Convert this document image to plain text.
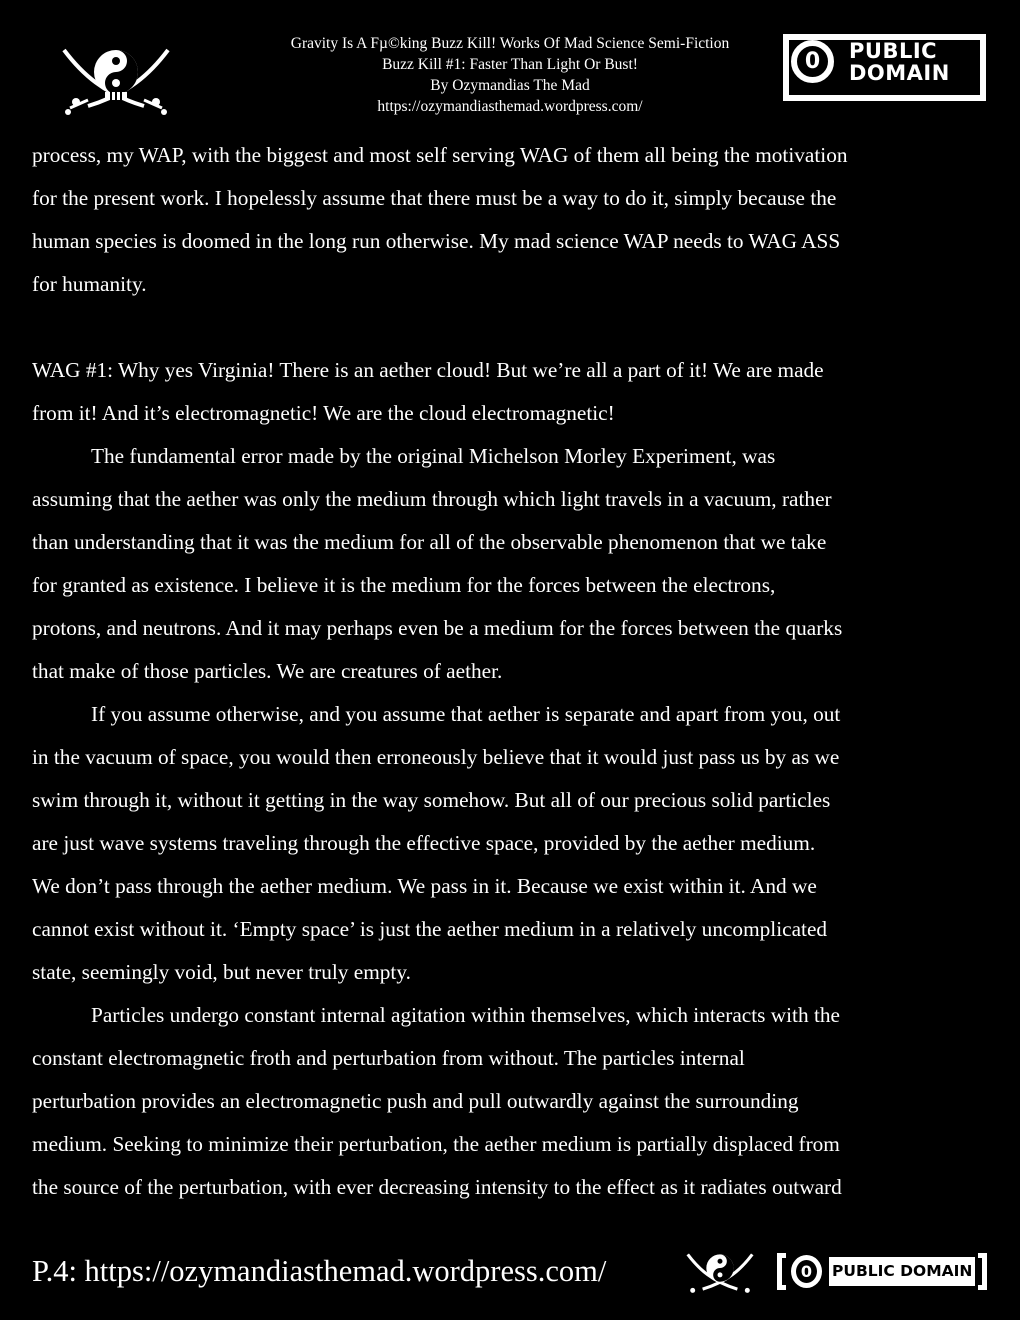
Gravity Is A Fµ©king Buzz Kill! Works Of Mad Science Semi-Fiction
Buzz Kill #1: Faster Than Light Or Bust!
By Ozymandias The Mad
https://ozymandiasthemad.wordpress.com/
0	PUBLIC
DOMAIN
process, my WAP, with the biggest and most self serving WAG of them all being the motivation
for the present work. I hopelessly assume that there must be a way to do it, simply because the
human species is doomed in the long run otherwise. My mad science WAP needs to WAG ASS
for humanity.
WAG #1: Why yes Virginia! There is an aether cloud! But we’re all a part of it! We are made
from it! And it’s electromagnetic! We are the cloud electromagnetic!
The fundamental error made by the original Michelson Morley Experiment, was
assuming that the aether was only the medium through which light travels in a vacuum, rather
than understanding that it was the medium for all of the observable phenomenon that we take
for granted as existence. I believe it is the medium for the forces between the electrons,
protons, and neutrons. And it may perhaps even be a medium for the forces between the quarks
that make of those particles. We are creatures of aether.
If you assume otherwise, and you assume that aether is separate and apart from you, out
in the vacuum of space, you would then erroneously believe that it would just pass us by as we
swim through it, without it getting in the way somehow. But all of our precious solid particles
are just wave systems traveling through the effective space, provided by the aether medium.
We don’t pass through the aether medium. We pass in it. Because we exist within it. And we
cannot exist without it. ‘Empty space’ is just the aether medium in a relatively uncomplicated
state, seemingly void, but never truly empty.
Particles undergo constant internal agitation within themselves, which interacts with the
constant electromagnetic froth and perturbation from without. The particles internal
perturbation provides an electromagnetic push and pull outwardly against the surrounding
medium. Seeking to minimize their perturbation, the aether medium is partially displaced from
the source of the perturbation, with ever decreasing intensity to the effect as it radiates outward
P.4: https://ozymandiasthemad.wordpress.com/	0	PUBLIC DOMAIN
